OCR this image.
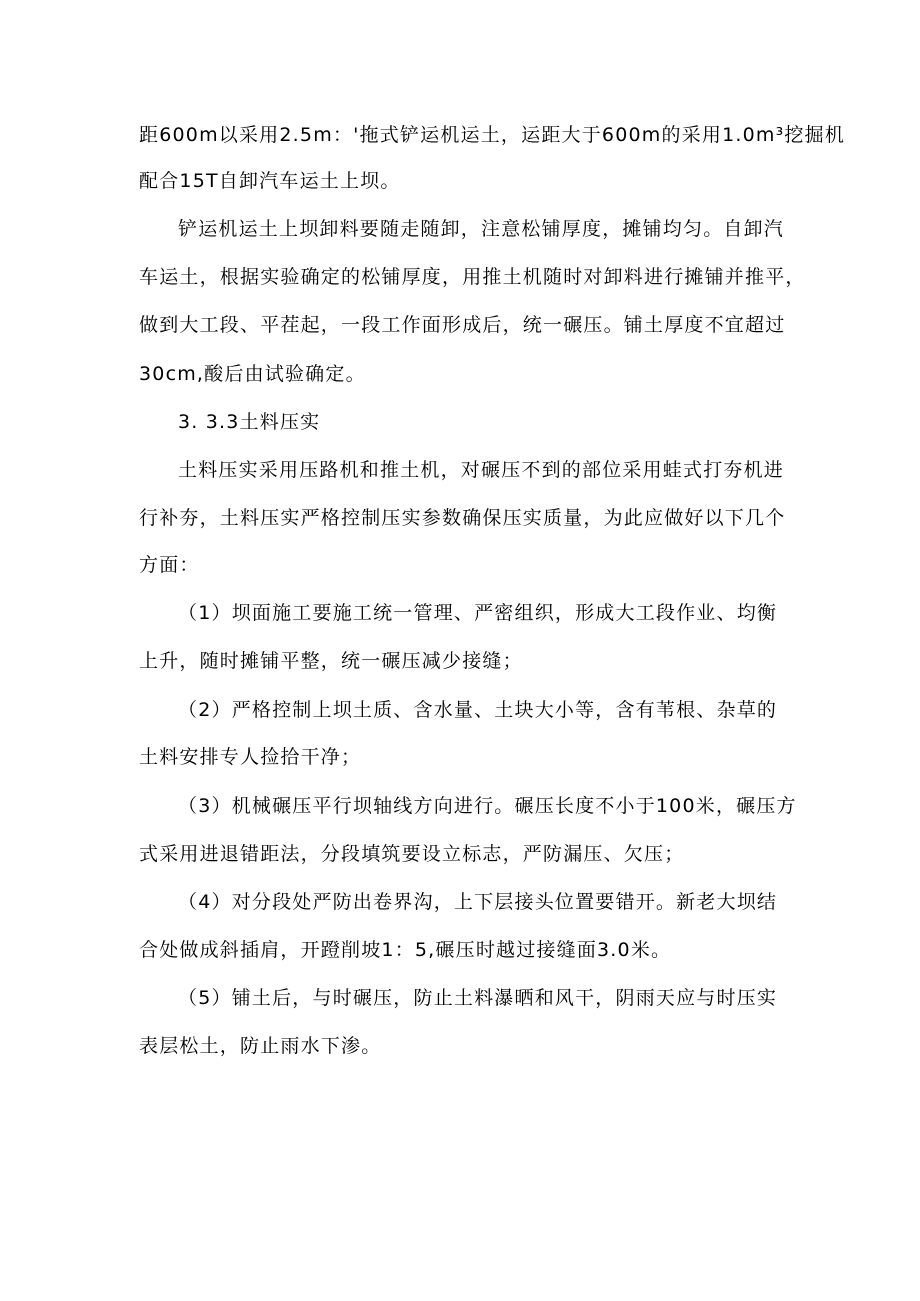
距600m以采用2.5m：'拖式铲运机运土，运距大于600m的采用1.0m³挖掘机
配合15T自卸汽车运土上坝。
铲运机运土上坝卸料要随走随卸，注意松铺厚度，摊铺均匀。自卸汽
车运土，根据实验确定的松铺厚度，用推土机随时对卸料进行摊铺并推平，
做到大工段、平茬起，一段工作面形成后，统一碾压。铺土厚度不宜超过
30cm,酸后由试验确定。
3. 3.3土料压实
土料压实采用压路机和推土机，对碾压不到的部位采用蛙式打夯机进
行补夯，土料压实严格控制压实参数确保压实质量，为此应做好以下几个
方面：
（1）坝面施工要施工统一管理、严密组织，形成大工段作业、均衡
上升，随时摊铺平整，统一碾压减少接缝；
（2）严格控制上坝土质、含水量、土块大小等，含有苇根、杂草的
土料安排专人捡拾干净；
（3）机械碾压平行坝轴线方向进行。碾压长度不小于100米，碾压方
式采用进退错距法，分段填筑要设立标志，严防漏压、欠压；
（4）对分段处严防出卷界沟，上下层接头位置要错开。新老大坝结
合处做成斜插肩，开蹬削坡1：5,碾压时越过接缝面3.0米。
（5）铺土后，与时碾压，防止土料瀑晒和风干，阴雨天应与时压实
表层松土，防止雨水下渗。
